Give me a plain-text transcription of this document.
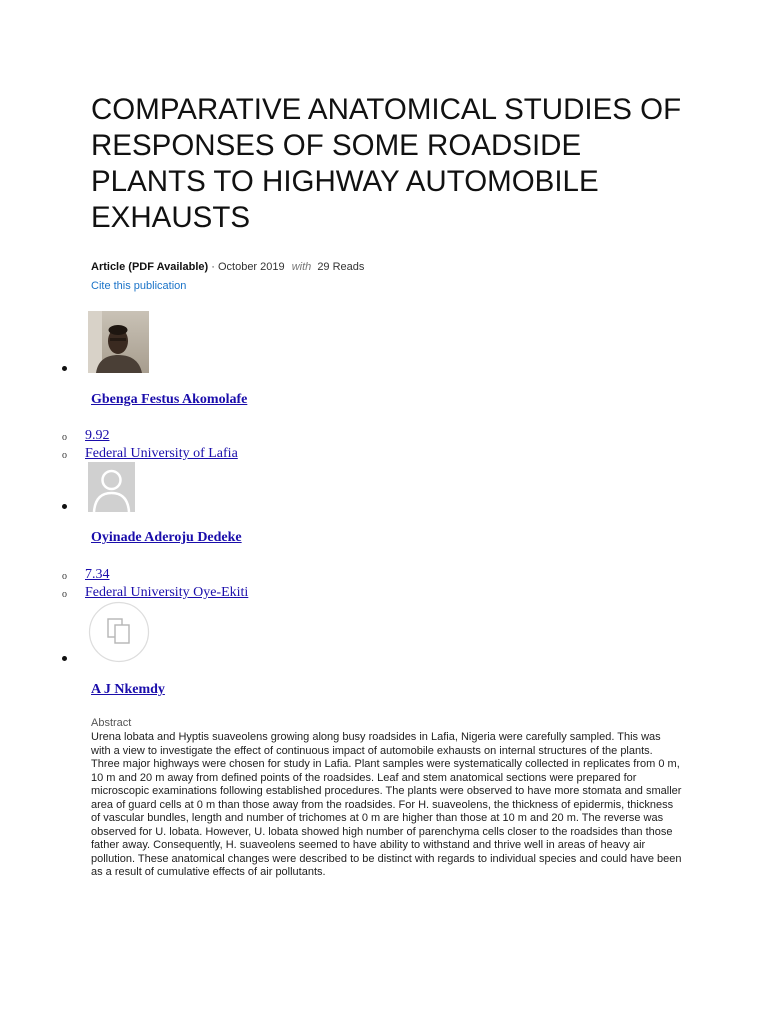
COMPARATIVE ANATOMICAL STUDIES OF RESPONSES OF SOME ROADSIDE PLANTS TO HIGHWAY AUTOMOBILE EXHAUSTS
Article (PDF Available) · October 2019 with 29 Reads
Cite this publication
Gbenga Festus Akomolafe
o 9.92
o Federal University of Lafia
Oyinade Aderoju Dedeke
o 7.34
o Federal University Oye-Ekiti
A J Nkemdy
Abstract

Urena lobata and Hyptis suaveolens growing along busy roadsides in Lafia, Nigeria were carefully sampled. This was with a view to investigate the effect of continuous impact of automobile exhausts on internal structures of the plants. Three major highways were chosen for study in Lafia. Plant samples were systematically collected in replicates from 0 m, 10 m and 20 m away from defined points of the roadsides. Leaf and stem anatomical sections were prepared for microscopic examinations following established procedures. The plants were observed to have more stomata and smaller area of guard cells at 0 m than those away from the roadsides. For H. suaveolens, the thickness of epidermis, thickness of vascular bundles, length and number of trichomes at 0 m are higher than those at 10 m and 20 m. The reverse was observed for U. lobata. However, U. lobata showed high number of parenchyma cells closer to the roadsides than those father away. Consequently, H. suaveolens seemed to have ability to withstand and thrive well in areas of heavy air pollution. These anatomical changes were described to be distinct with regards to individual species and could have been as a result of cumulative effects of air pollutants.
